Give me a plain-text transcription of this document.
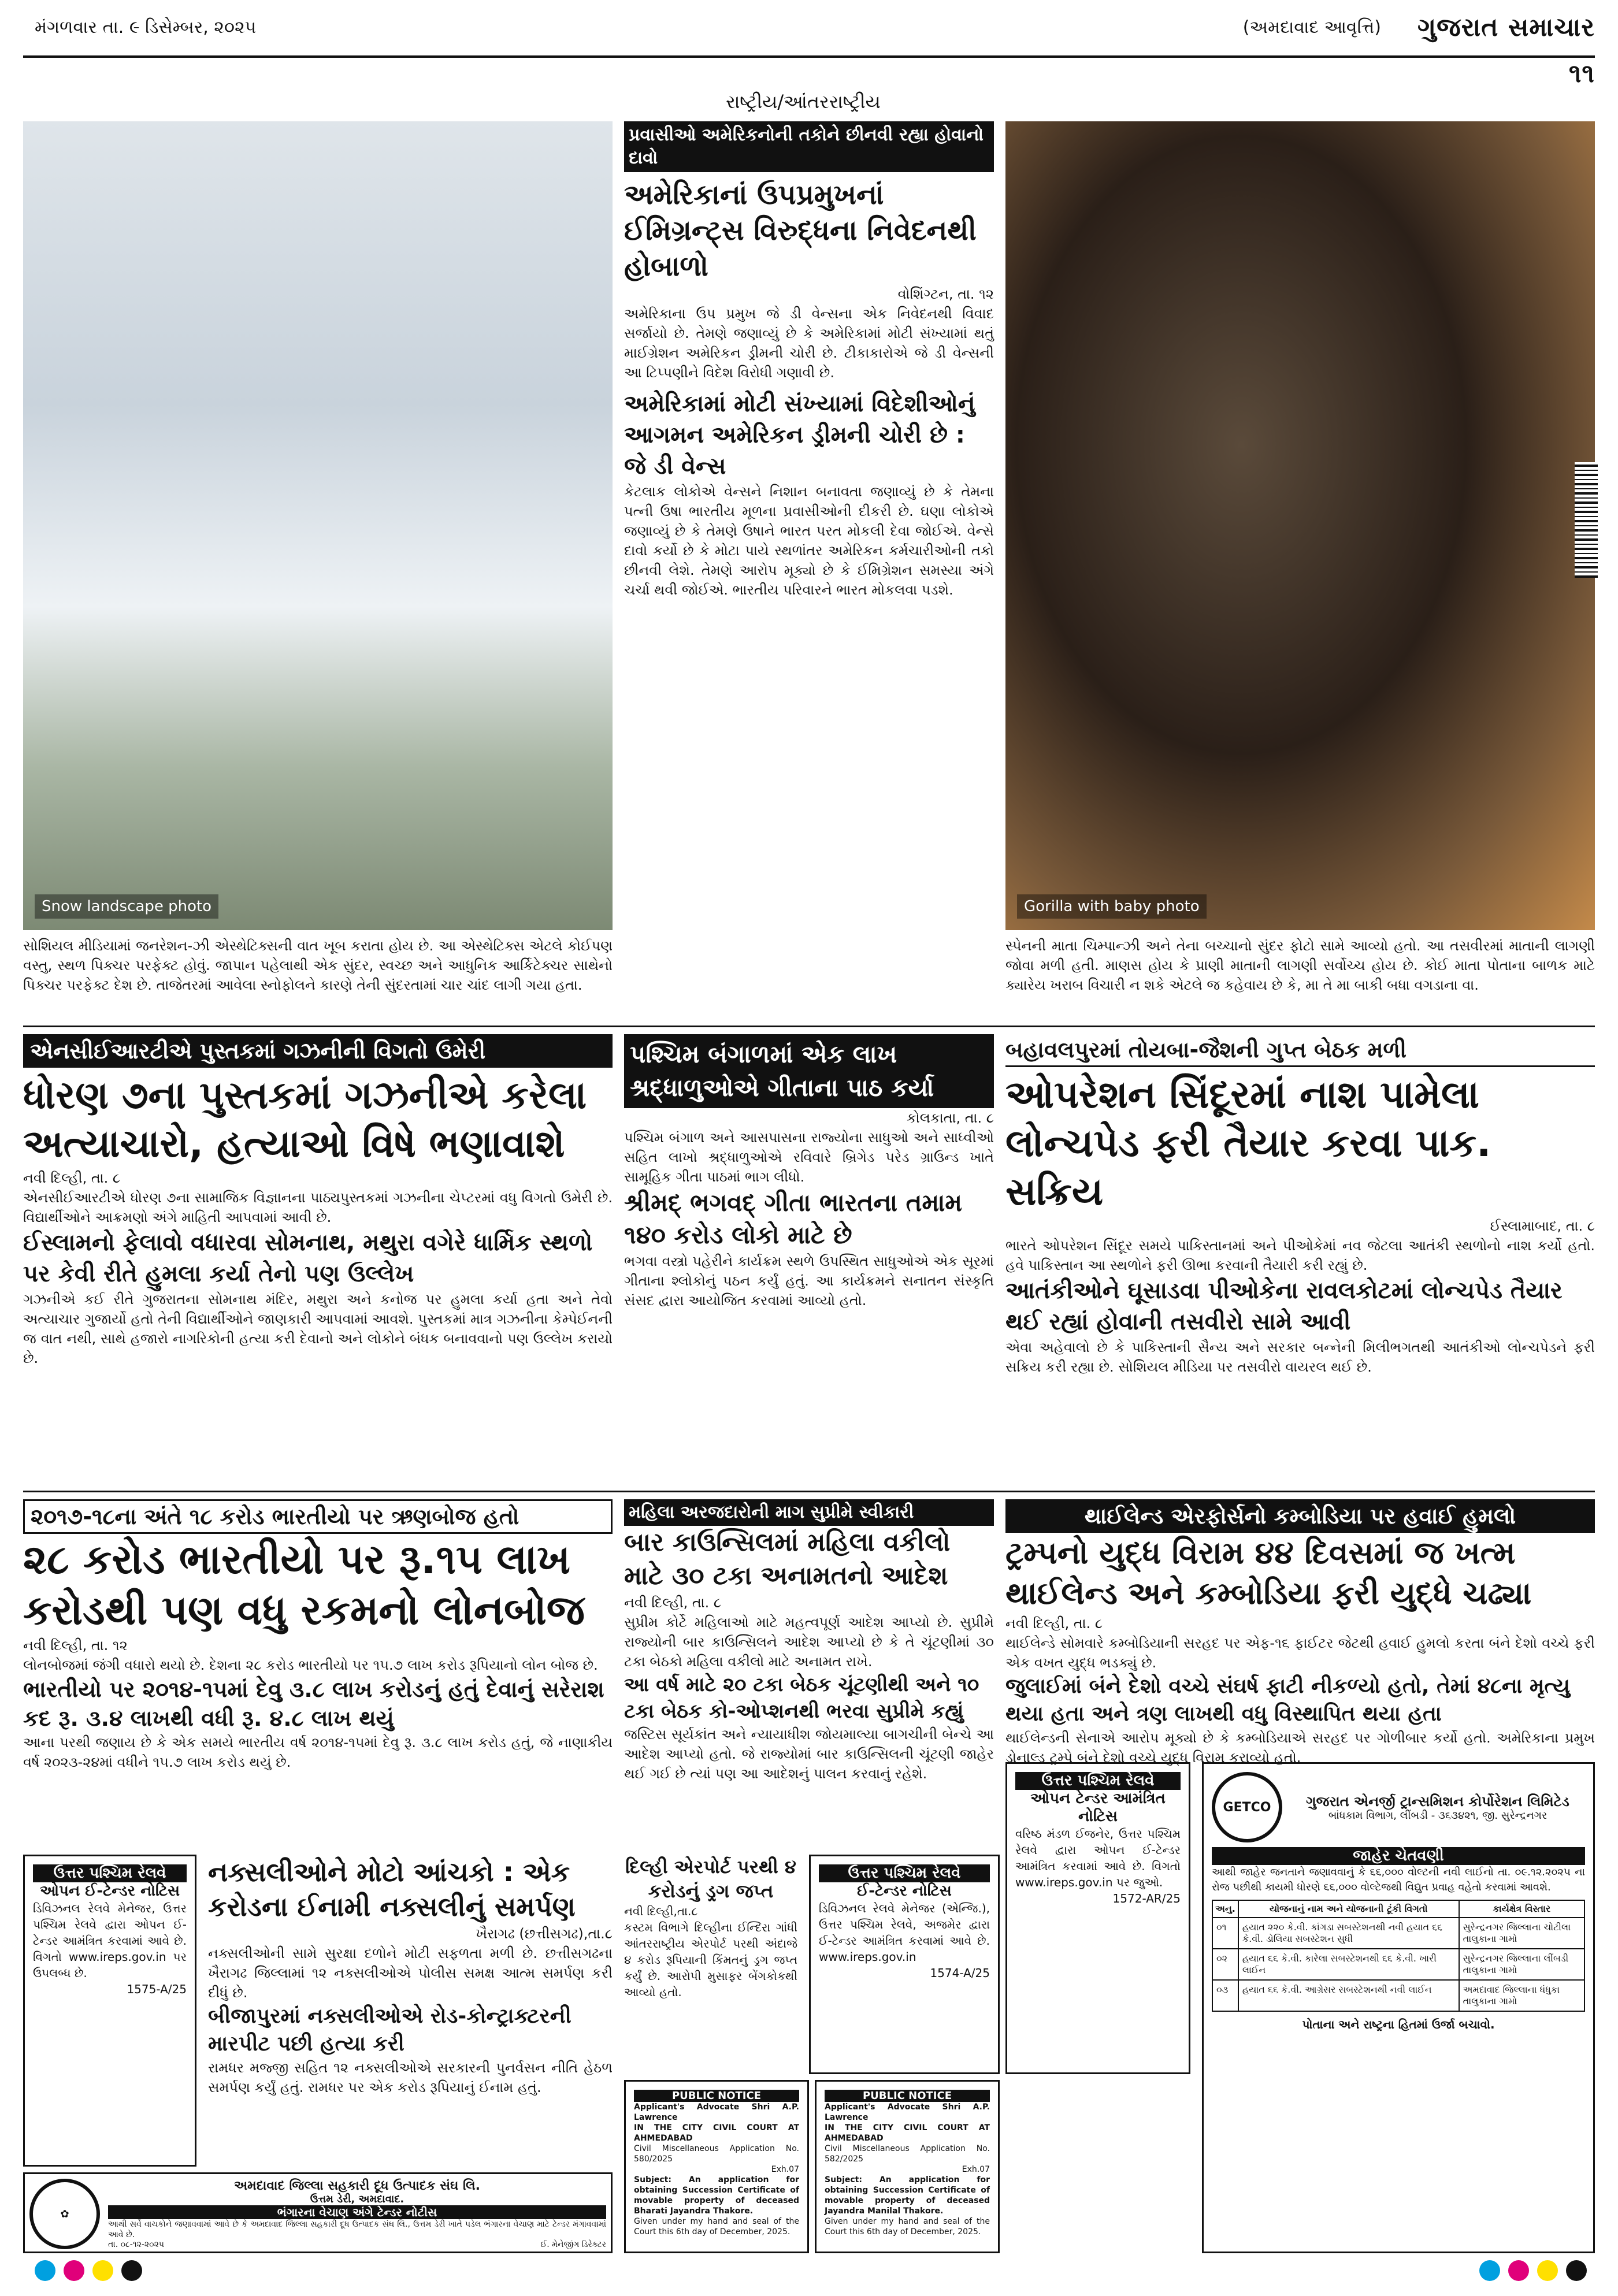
મંગળવાર તા. ૯ ડિસેમ્બર, ૨૦૨૫	(અમદાવાદ આવૃત્તિ)	ગુજરાત સમાચાર ૧૧
રાષ્ટ્રીય/આંતરરાષ્ટ્રીય
Snow landscape photo
સોશિયલ મીડિયામાં જનરેશન-ઝી એસ્થેટિક્સની વાત ખૂબ કરાતા હોય છે. આ એસ્થેટિક્સ એટલે કોઈપણ વસ્તુ, સ્થળ પિક્ચર પરફેક્ટ હોવું. જાપાન પહેલાથી એક સુંદર, સ્વચ્છ અને આધુનિક આર્કિટેક્ચર સાથેનો પિક્ચર પરફેક્ટ દેશ છે. તાજેતરમાં આવેલા સ્નોફોલને કારણે તેની સુંદરતામાં ચાર ચાંદ લાગી ગયા હતા.
Gorilla with baby photo
સ્પેનની માતા ચિમ્પાન્ઝી અને તેના બચ્ચાનો સુંદર ફોટો સામે આવ્યો હતો. આ તસવીરમાં માતાની લાગણી જોવા મળી હતી. માણસ હોય કે પ્રાણી માતાની લાગણી સર્વોચ્ચ હોય છે. કોઈ માતા પોતાના બાળક માટે ક્યારેય ખરાબ વિચારી ન શકે એટલે જ કહેવાય છે કે, મા તે મા બાકી બધા વગડાના વા.
પ્રવાસીઓ અમેરિકનોની તકોને છીનવી રહ્યા હોવાનો દાવો
અમેરિકાનાં ઉપપ્રમુખનાં ઈમિગ્રન્ટ્સ વિરુદ્ધના નિવેદનથી હોબાળો
વોશિંગ્ટન, તા. ૧૨
અમેરિકાના ઉપ પ્રમુખ જે ડી વેન્સના એક નિવેદનથી વિવાદ સર્જાયો છે. તેમણે જણાવ્યું છે કે અમેરિકામાં મોટી સંખ્યામાં થતું માઈગ્રેશન અમેરિકન ડ્રીમની ચોરી છે. ટીકાકારોએ જે ડી વેન્સની આ ટિપ્પણીને વિદેશ વિરોધી ગણાવી છે.
અમેરિકામાં મોટી સંખ્યામાં વિદેશીઓનું આગમન અમેરિકન ડ્રીમની ચોરી છે : જે ડી વેન્સ
કેટલાક લોકોએ વેન્સને નિશાન બનાવતા જણાવ્યું છે કે તેમના પત્ની ઉષા ભારતીય મૂળના પ્રવાસીઓની દીકરી છે. ઘણા લોકોએ જણાવ્યું છે કે તેમણે ઉષાને ભારત પરત મોકલી દેવા જોઈએ. વેન્સે દાવો કર્યો છે કે મોટા પાયે સ્થળાંતર અમેરિકન કર્મચારીઓની તકો છીનવી લેશે. તેમણે આરોપ મૂક્યો છે કે ઈમિગ્રેશન સમસ્યા અંગે ચર્ચા થવી જોઈએ. ભારતીય પરિવારને ભારત મોકલવા પડશે.
એનસીઈઆરટીએ પુસ્તકમાં ગઝનીની વિગતો ઉમેરી
ધોરણ ૭ના પુસ્તકમાં ગઝનીએ કરેલા અત્યાચારો, હત્યાઓ વિષે ભણાવાશે
નવી દિલ્હી, તા. ૮
એનસીઈઆરટીએ ધોરણ ૭ના સામાજિક વિજ્ઞાનના પાઠ્યપુસ્તકમાં ગઝનીના ચેપ્ટરમાં વધુ વિગતો ઉમેરી છે. વિદ્યાર્થીઓને આક્રમણો અંગે માહિતી આપવામાં આવી છે.
ઈસ્લામનો ફેલાવો વધારવા સોમનાથ, મથુરા વગેરે ધાર્મિક સ્થળો પર કેવી રીતે હુમલા કર્યા તેનો પણ ઉલ્લેખ
ગઝનીએ કઈ રીતે ગુજરાતના સોમનાથ મંદિર, મથુરા અને કનોજ પર હુમલા કર્યા હતા અને તેવો અત્યાચાર ગુજાર્યો હતો તેની વિદ્યાર્થીઓને જાણકારી આપવામાં આવશે. પુસ્તકમાં માત્ર ગઝનીના કેમ્પેઈનની જ વાત નથી, સાથે હજારો નાગરિકોની હત્યા કરી દેવાનો અને લોકોને બંધક બનાવવાનો પણ ઉલ્લેખ કરાયો છે.
પશ્ચિમ બંગાળમાં એક લાખ શ્રદ્ધાળુઓએ ગીતાના પાઠ કર્યા
કોલકાતા, તા. ૮
પશ્ચિમ બંગાળ અને આસપાસના રાજ્યોના સાધુઓ અને સાધ્વીઓ સહિત લાખો શ્રદ્ધાળુઓએ રવિવારે બ્રિગેડ પરેડ ગ્રાઉન્ડ ખાતે સામૂહિક ગીતા પાઠમાં ભાગ લીધો.
શ્રીમદ્ ભગવદ્ ગીતા ભારતના તમામ ૧૪૦ કરોડ લોકો માટે છે
ભગવા વસ્ત્રો પહેરીને કાર્યક્રમ સ્થળે ઉપસ્થિત સાધુઓએ એક સૂરમાં ગીતાના શ્લોકોનું પઠન કર્યું હતું. આ કાર્યક્રમને સનાતન સંસ્કૃતિ સંસદ દ્વારા આયોજિત કરવામાં આવ્યો હતો.
બહાવલપુરમાં તોયબા-જૈશની ગુપ્ત બેઠક મળી
ઓપરેશન સિંદૂરમાં નાશ પામેલા લોન્ચપેડ ફરી તૈયાર કરવા પાક. સક્રિય
ઈસ્લામાબાદ, તા. ૮
ભારતે ઓપરેશન સિંદૂર સમયે પાકિસ્તાનમાં અને પીઓકેમાં નવ જેટલા આતંકી સ્થળોનો નાશ કર્યો હતો. હવે પાકિસ્તાન આ સ્થળોને ફરી ઊભા કરવાની તૈયારી કરી રહ્યું છે.
આતંકીઓને ઘૂસાડવા પીઓકેના રાવલકોટમાં લોન્ચપેડ તૈયાર થઈ રહ્યાં હોવાની તસવીરો સામે આવી
એવા અહેવાલો છે કે પાકિસ્તાની સૈન્ય અને સરકાર બન્નેની મિલીભગતથી આતંકીઓ લોન્ચપેડને ફરી સક્રિય કરી રહ્યા છે. સોશિયલ મીડિયા પર તસવીરો વાયરલ થઈ છે.
૨૦૧૭-૧૮ના અંતે ૧૮ કરોડ ભારતીયો પર ઋણબોજ હતો
૨૮ કરોડ ભારતીયો પર રૂ.૧૫ લાખ કરોડથી પણ વધુ રકમનો લોનબોજ
નવી દિલ્હી, તા. ૧૨
લોનબોજમાં જંગી વધારો થયો છે. દેશના ૨૮ કરોડ ભારતીયો પર ૧૫.૭ લાખ કરોડ રૂપિયાનો લોન બોજ છે.
ભારતીયો પર ૨૦૧૪-૧૫માં દેવુ ૩.૮ લાખ કરોડનું હતું દેવાનું સરેરાશ કદ રૂ. ૩.૪ લાખથી વધી રૂ. ૪.૮ લાખ થયું
આના પરથી જણાય છે કે એક સમયે ભારતીય વર્ષ ૨૦૧૪-૧૫માં દેવુ રૂ. ૩.૮ લાખ કરોડ હતું, જે નાણાકીય વર્ષ ૨૦૨૩-૨૪માં વધીને ૧૫.૭ લાખ કરોડ થયું છે.
મહિલા અરજદારોની માગ સુપ્રીમે સ્વીકારી
બાર કાઉન્સિલમાં મહિલા વકીલો માટે ૩૦ ટકા અનામતનો આદેશ
નવી દિલ્હી, તા. ૮
સુપ્રીમ કોર્ટે મહિલાઓ માટે મહત્વપૂર્ણ આદેશ આપ્યો છે. સુપ્રીમે રાજ્યોની બાર કાઉન્સિલને આદેશ આપ્યો છે કે તે ચૂંટણીમાં ૩૦ ટકા બેઠકો મહિલા વકીલો માટે અનામત રાખે.
આ વર્ષ માટે ૨૦ ટકા બેઠક ચૂંટણીથી અને ૧૦ ટકા બેઠક કો-ઓપ્શનથી ભરવા સુપ્રીમે કહ્યું
જસ્ટિસ સૂર્યકાંત અને ન્યાયાધીશ જોયમાલ્યા બાગચીની બેન્ચે આ આદેશ આપ્યો હતો. જે રાજ્યોમાં બાર કાઉન્સિલની ચૂંટણી જાહેર થઈ ગઈ છે ત્યાં પણ આ આદેશનું પાલન કરવાનું રહેશે.
થાઈલેન્ડ એરફોર્સનો કમ્બોડિયા પર હવાઈ હુમલો
ટ્રમ્પનો યુદ્ધ વિરામ ૪૪ દિવસમાં જ ખત્મ થાઈલેન્ડ અને કમ્બોડિયા ફરી યુદ્ધે ચઢ્યા
નવી દિલ્હી, તા. ૮
થાઈલેન્ડે સોમવારે કમ્બોડિયાની સરહદ પર એફ-૧૬ ફાઈટર જેટથી હવાઈ હુમલો કરતા બંને દેશો વચ્ચે ફરી એક વખત યુદ્ધ ભડક્યું છે.
જુલાઈમાં બંને દેશો વચ્ચે સંઘર્ષ ફાટી નીકળ્યો હતો, તેમાં ૪૮ના મૃત્યુ થયા હતા અને ત્રણ લાખથી વધુ વિસ્થાપિત થયા હતા
થાઈલેન્ડની સેનાએ આરોપ મૂક્યો છે કે કમ્બોડિયાએ સરહદ પર ગોળીબાર કર્યો હતો. અમેરિકાના પ્રમુખ ડોનાલ્ડ ટ્રમ્પે બંને દેશો વચ્ચે યુદ્ધ વિરામ કરાવ્યો હતો.
ઉત્તર પશ્ચિમ રેલવે
ઓપન ઈ-ટેન્ડર નોટિસ
ડિવિઝનલ રેલવે મેનેજર, ઉત્તર પશ્ચિમ રેલવે દ્વારા ઓપન ઈ-ટેન્ડર આમંત્રિત કરવામાં આવે છે. વિગતો www.ireps.gov.in પર ઉપલબ્ધ છે.
1575-A/25
નક્સલીઓને મોટો આંચકો : એક કરોડના ઈનામી નક્સલીનું સમર્પણ
ખૈરાગઢ (છત્તીસગઢ),તા.૮
નક્સલીઓની સામે સુરક્ષા દળોને મોટી સફળતા મળી છે. છત્તીસગઢના ખૈરાગઢ જિલ્લામાં ૧૨ નક્સલીઓએ પોલીસ સમક્ષ આત્મ સમર્પણ કરી દીધું છે.
બીજાપુરમાં નક્સલીઓએ રોડ-કોન્ટ્રાક્ટરની મારપીટ પછી હત્યા કરી
રામધર મજ્જી સહિત ૧૨ નક્સલીઓએ સરકારની પુનર્વસન નીતિ હેઠળ સમર્પણ કર્યું હતું. રામધર પર એક કરોડ રૂપિયાનું ઈનામ હતું.
દિલ્હી એરપોર્ટ પરથી ૪ કરોડનું ડ્રગ જપ્ત
નવી દિલ્હી,તા.૮
કસ્ટમ વિભાગે દિલ્હીના ઈન્દિરા ગાંધી આંતરરાષ્ટ્રીય એરપોર્ટ પરથી અંદાજે ૪ કરોડ રૂપિયાની કિંમતનું ડ્રગ જપ્ત કર્યું છે. આરોપી મુસાફર બેંગકોકથી આવ્યો હતો.
ઉત્તર પશ્ચિમ રેલવે
ઈ-ટેન્ડર નોટિસ
ડિવિઝનલ રેલવે મેનેજર (એન્જિ.), ઉત્તર પશ્ચિમ રેલવે, અજમેર દ્વારા ઈ-ટેન્ડર આમંત્રિત કરવામાં આવે છે. www.ireps.gov.in
1574-A/25
ઉત્તર પશ્ચિમ રેલવે
ઓપન ટેન્ડર આમંત્રિત નોટિસ
વરિષ્ઠ મંડળ ઈજનેર, ઉત્તર પશ્ચિમ રેલવે દ્વારા ઓપન ઈ-ટેન્ડર આમંત્રિત કરવામાં આવે છે. વિગતો www.ireps.gov.in પર જુઓ.
1572-AR/25
PUBLIC NOTICE
Applicant's Advocate Shri A.P. Lawrence
IN THE CITY CIVIL COURT AT AHMEDABAD
Civil Miscellaneous Application No. 580/2025
Exh.07
Subject: An application for obtaining Succession Certificate of movable property of deceased Bharati Jayandra Thakore.
Given under my hand and seal of the Court this 6th day of December, 2025.
PUBLIC NOTICE
Applicant's Advocate Shri A.P. Lawrence
IN THE CITY CIVIL COURT AT AHMEDABAD
Civil Miscellaneous Application No. 582/2025
Exh.07
Subject: An application for obtaining Succession Certificate of movable property of deceased Jayandra Manilal Thakore.
Given under my hand and seal of the Court this 6th day of December, 2025.
✿
અમદાવાદ જિલ્લા સહકારી દૂધ ઉત્પાદક સંઘ લિ.
ઉત્તમ ડેરી, અમદાવાદ.
ભંગારના વેચાણ અંગે ટેન્ડર નોટીસ
આથી સર્વે વાચકોને જણાવવામાં આવે છે કે અમદાવાદ જિલ્લા સહકારી દૂધ ઉત્પાદક સંઘ લિ., ઉત્તમ ડેરી ખાતે પડેલ ભંગારના વેચાણ માટે ટેન્ડર મંગાવવામાં આવે છે.
તા. ૦૮-૧૨-૨૦૨૫	ઈ. મેનેજીંગ ડિરેક્ટર
GETCO	ગુજરાત એનર્જી ટ્રાન્સમિશન કોર્પોરેશન લિમિટેડ
બાંધકામ વિભાગ, લીંબડી - ૩૬૩૪૨૧, જી. સુરેન્દ્રનગર
જાહેર ચેતવણી
આથી જાહેર જનતાને જણાવવાનું કે ૬૬,૦૦૦ વોલ્ટની નવી લાઈનો તા. ૦૯.૧૨.૨૦૨૫ ના રોજ પછીથી કાયમી ધોરણે ૬૬,૦૦૦ વોલ્ટેજથી વિદ્યુત પ્રવાહ વહેતો કરવામાં આવશે.
અનુ.	યોજનાનું નામ અને યોજનાની ટૂંકી વિગતો	કાર્યક્ષેત્ર વિસ્તાર
૦૧	હયાત ૨૨૦ કે.વી. કાંગડા સબસ્ટેશનથી નવી હયાત ૬૬ કે.વી. ડોલિયા સબસ્ટેશન સુધી	સુરેન્દ્રનગર જિલ્લાના ચોટીલા તાલુકાના ગામો
૦૨	હયાત ૬૬ કે.વી. કારેલા સબસ્ટેશનથી ૬૬ કે.વી. ખારી લાઈન	સુરેન્દ્રનગર જિલ્લાના લીંબડી તાલુકાના ગામો
૦૩	હયાત ૬૬ કે.વી. આગ્રેસર સબસ્ટેશનથી નવી લાઈન	અમદાવાદ જિલ્લાના ધંધુકા તાલુકાના ગામો
પોતાના અને રાષ્ટ્રના હિતમાં ઉર્જા બચાવો.
